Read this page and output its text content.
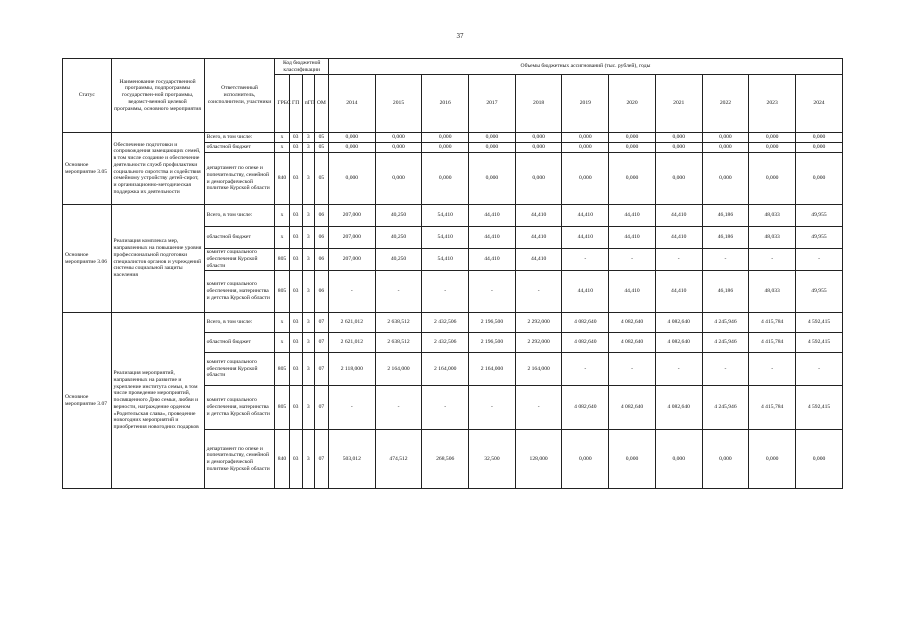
37
Статус	Наименование государственной программы, подпрограммы государствен-ной программы, ведомст-венной целевой программы, основного мероприятия	Ответственный исполнитель, соисполнители, участники	Код бюджетной классификации				Объемы бюджетных ассигнований (тыс. рублей), годы										
			ГРБС	ГП	пГП	ОМ	2014	2015	2016	2017	2018	2019	2020	2021	2022	2023	2024
Основное мероприятие 3.05	Обеспечение подготовки и сопровождения замещающих семей, в том числе создание и обеспечение деятельности служб профилактики социального сиротства и содействия семейному устройству детей-сирот, и организационно-методическая поддержка их деятельности	Всего, в том числе:	х	03	3	05	0,000	0,000	0,000	0,000	0,000	0,000	0,000	0,000	0,000	0,000	0,000
		областной бюджет	х	03	3	05	0,000	0,000	0,000	0,000	0,000	0,000	0,000	0,000	0,000	0,000	0,000
		департамент по опеке и попечительству, семейной и демографической политике Курской области	840	03	3	05	0,000	0,000	0,000	0,000	0,000	0,000	0,000	0,000	0,000	0,000	0,000
Основное мероприятие 3.06	Реализация комплекса мер, направленных на повышение уровня профессиональной подготовки специалистов органов и учреждений системы социальной защиты населения	Всего, в том числе:	х	03	3	06	207,000	40,250	54,410	44,410	44,410	44,410	44,410	44,410	46,186	48,033	49,955
		областной бюджет	х	03	3	06	207,000	40,250	54,410	44,410	44,410	44,410	44,410	44,410	46,186	48,033	49,955
		комитет социального обеспечения Курской области	805	03	3	06	207,000	40,250	54,410	44,410	44,410	-	-	-	-	-	-
		комитет социального обеспечения, материнства и детства Курской области	805	03	3	06	-	-	-	-	-	44,410	44,410	44,410	46,186	48,033	49,955
Основное мероприятие 3.07	Реализация мероприятий, направленных на развитие и укрепление института семьи, в том числе проведение мероприятий, посвященного Дню семьи, любви и верности, награждение орденом «Родительская слава», проведение новогодних мероприятий и приобретения новогодних подарков	Всего, в том числе:	х	03	3	07	2 621,012	2 638,512	2 432,506	2 196,500	2 292,000	4 082,640	4 082,640	4 082,640	4 245,946	4 415,784	4 592,415
		областной бюджет	х	03	3	07	2 621,012	2 638,512	2 432,506	2 196,500	2 292,000	4 082,640	4 082,640	4 082,640	4 245,946	4 415,784	4 592,415
		комитет социального обеспечения Курской области	805	03	3	07	2 118,000	2 164,000	2 164,000	2 164,000	2 164,000	-	-	-	-	-	-
		комитет социального обеспечения, материнства и детства Курской области	805	03	3	07	-	-	-	-	-	4 082,640	4 082,640	4 082,640	4 245,946	4 415,784	4 592,415
		департамент по опеке и попечительству, семейной и демографической политике Курской области	840	03	3	07	503,012	474,512	268,506	32,500	128,000	0,000	0,000	0,000	0,000	0,000	0,000
